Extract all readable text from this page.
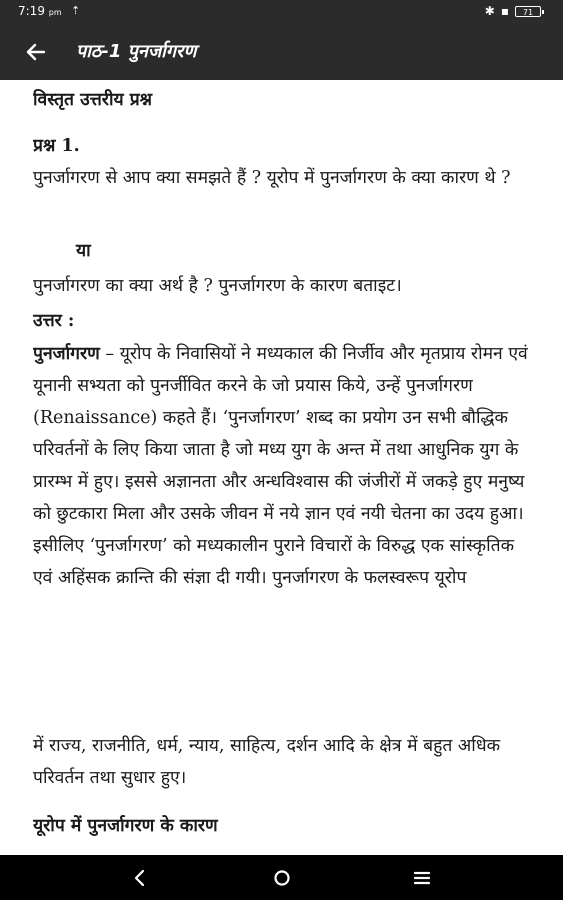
7:19 pm ⇡	✱ ▪	71
पाठ-1 पुनर्जागरण

विस्तृत उत्तरीय प्रश्न

प्रश्न 1.

पुनर्जागरण से आप क्या समझते हैं ? यूरोप में पुनर्जागरण के क्या कारण थे ?

या

पुनर्जागरण का क्या अर्थ है ? पुनर्जागरण के कारण बताइट।

उत्तर :

पुनर्जागरण – यूरोप के निवासियों ने मध्यकाल की निर्जीव और मृतप्राय रोमन एवं यूनानी सभ्यता को पुनर्जीवित करने के जो प्रयास किये, उन्हें पुनर्जागरण (Renaissance) कहते हैं। ‘पुनर्जागरण’ शब्द का प्रयोग उन सभी बौद्धिक परिवर्तनों के लिए किया जाता है जो मध्य युग के अन्त में तथा आधुनिक युग के प्रारम्भ में हुए। इससे अज्ञानता और अन्धविश्वास की जंजीरों में जकड़े हुए मनुष्य को छुटकारा मिला और उसके जीवन में नये ज्ञान एवं नयी चेतना का उदय हुआ। इसीलिए ‘पुनर्जागरण’ को मध्यकालीन पुराने विचारों के विरुद्ध एक सांस्कृतिक एवं अहिंसक क्रान्ति की संज्ञा दी गयी। पुनर्जागरण के फलस्वरूप यूरोप

में राज्य, राजनीति, धर्म, न्याय, साहित्य, दर्शन आदि के क्षेत्र में बहुत अधिक परिवर्तन तथा सुधार हुए।

यूरोप में पुनर्जागरण के कारण
